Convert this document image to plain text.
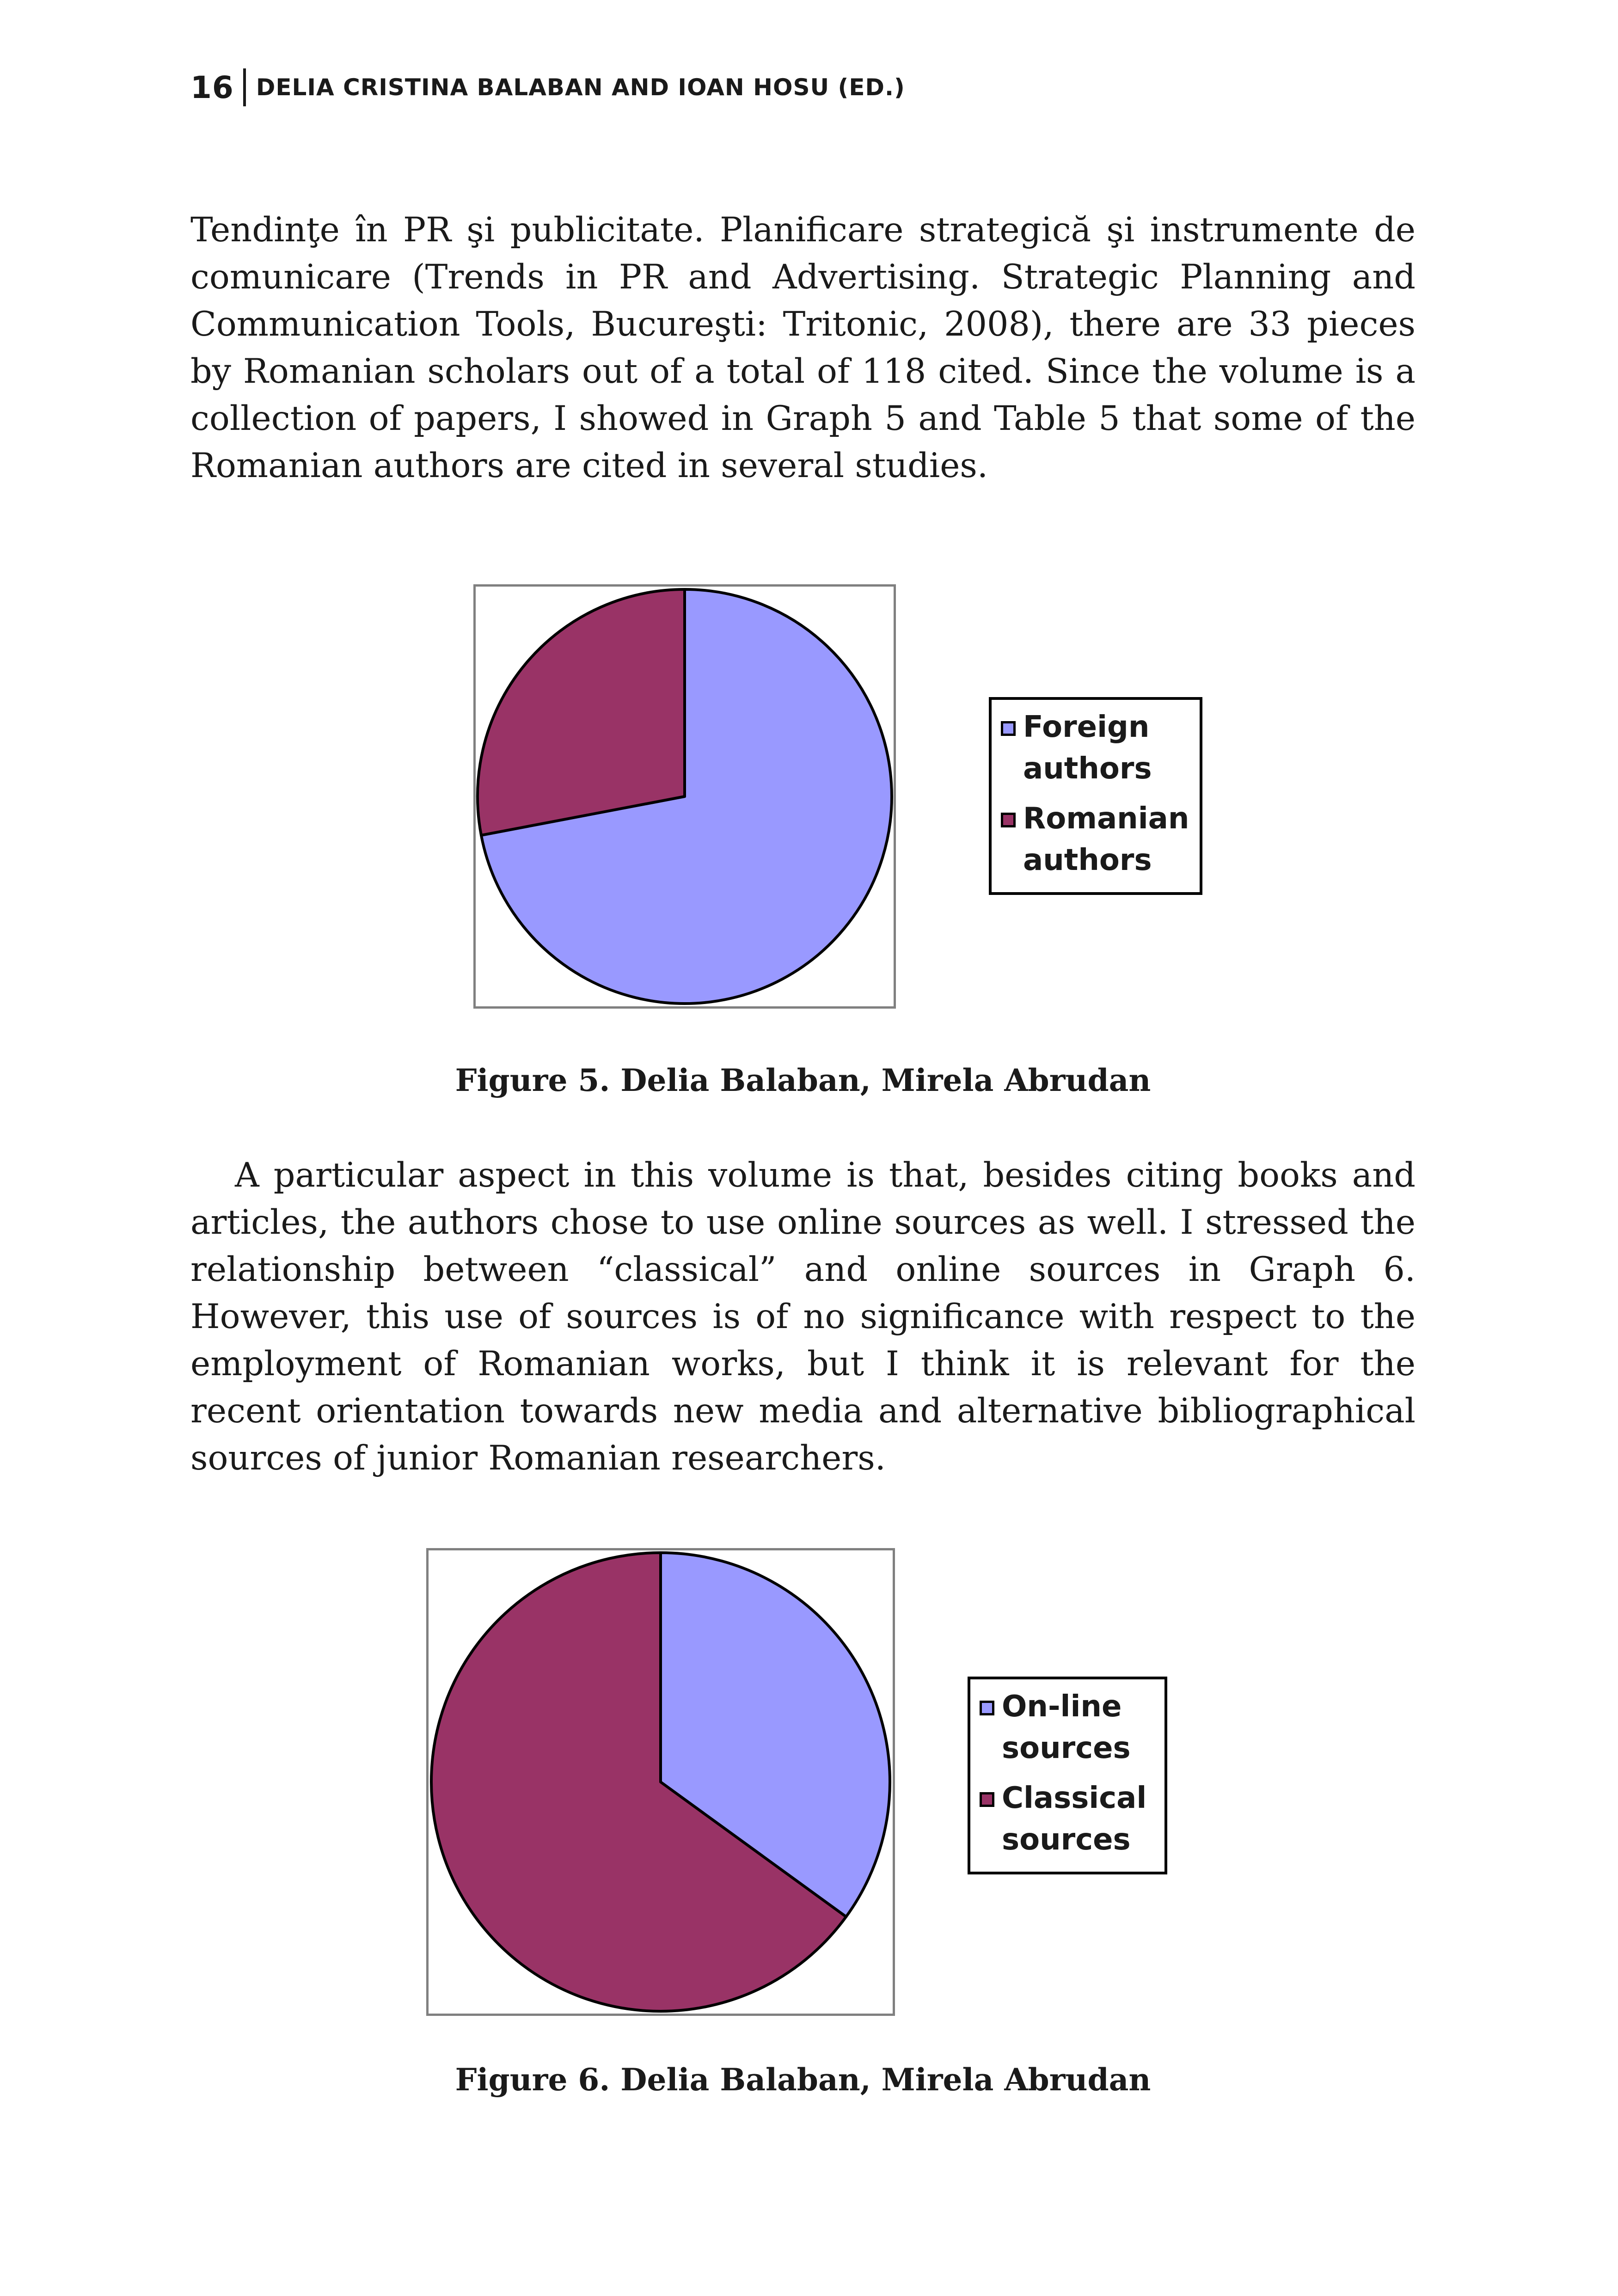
16 DELIA CRISTINA BALABAN AND IOAN HOSU (ED.)

Tendinţe în PR şi publicitate. Planificare strategică şi instrumente de comunicare (Trends in PR and Advertising. Strategic Planning and Communication Tools, Bucureşti: Tritonic, 2008), there are 33 pieces by Romanian scholars out of a total of 118 cited. Since the volume is a collection of papers, I showed in Graph 5 and Table 5 that some of the Romanian authors are cited in several studies.

Foreign
authors
Romanian
authors
Figure 5. Delia Balaban, Mirela Abrudan

A particular aspect in this volume is that, besides citing books and articles, the authors chose to use online sources as well. I stressed the relationship between “classical” and online sources in Graph 6. However, this use of sources is of no significance with respect to the employment of Romanian works, but I think it is relevant for the recent orientation towards new media and alternative bibliographical sources of junior Romanian researchers.

On-line
sources
Classical
sources
Figure 6. Delia Balaban, Mirela Abrudan
